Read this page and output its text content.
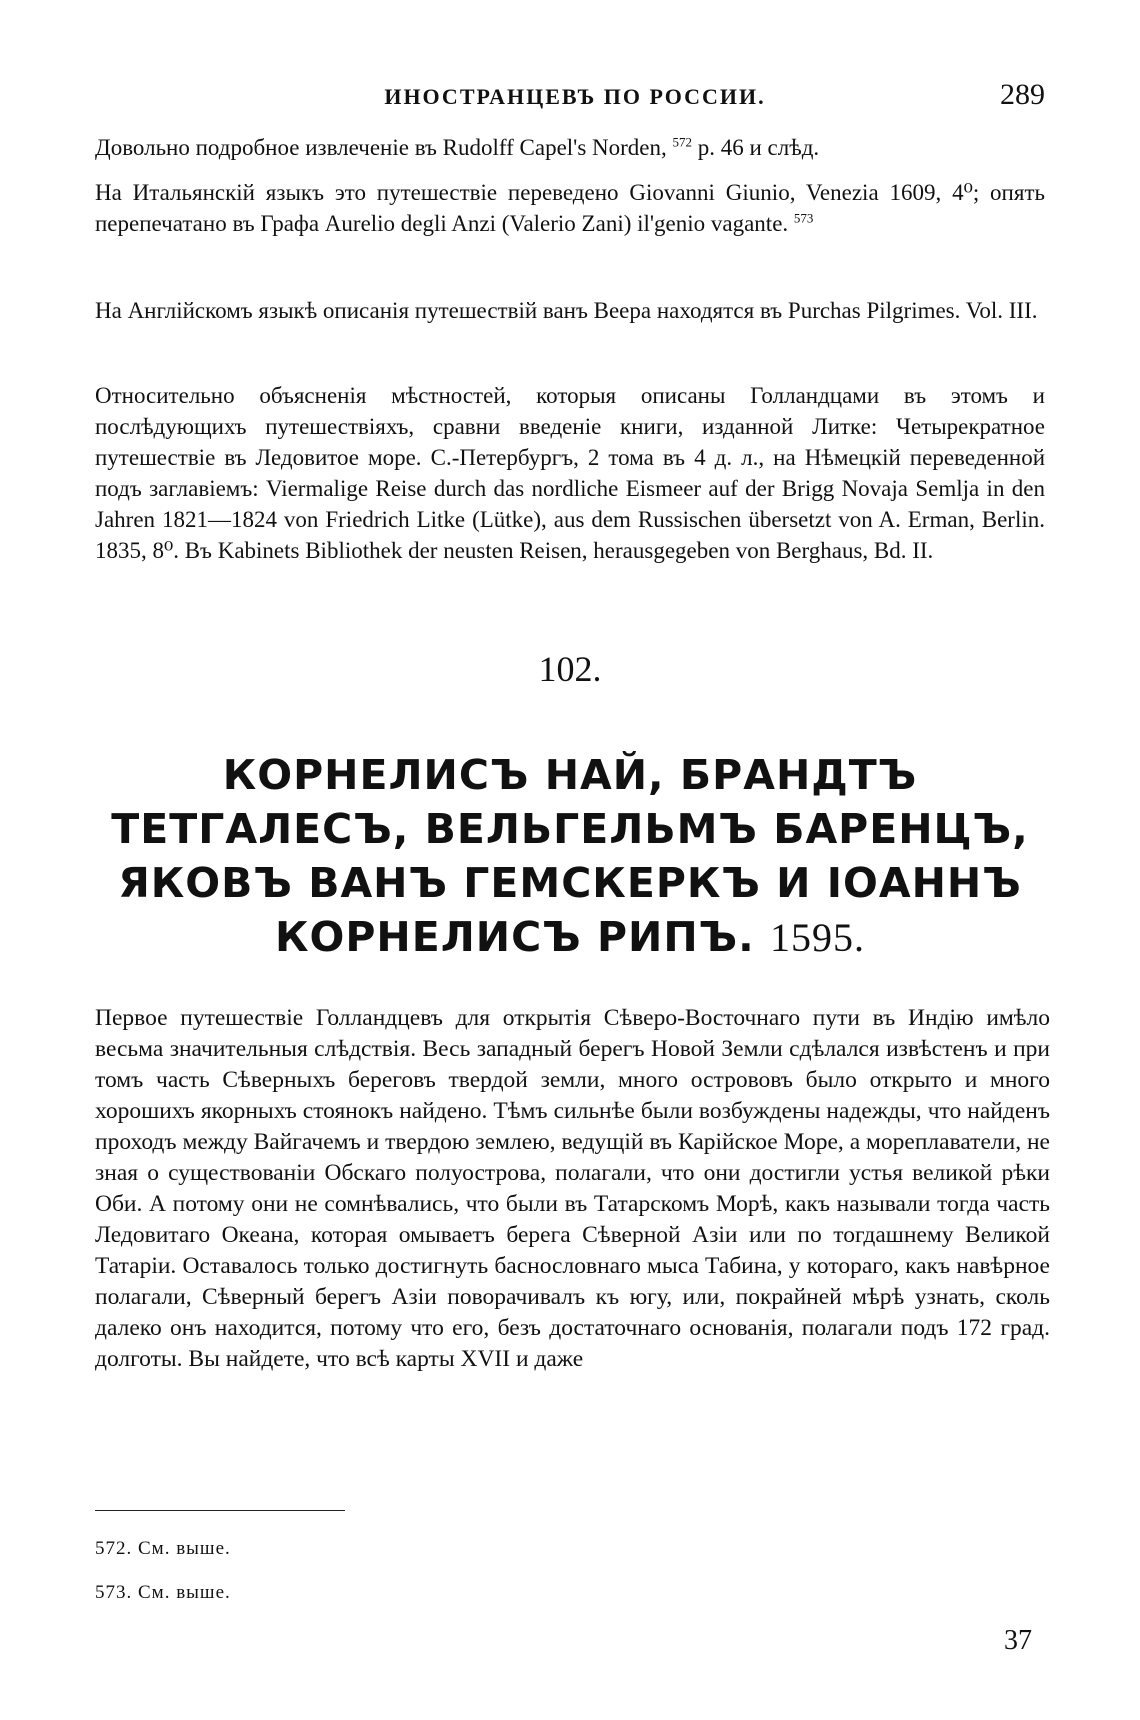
ИНОСТРАНЦЕВЪ ПО РОССИИ.	289

Довольно подробное извлеченіе въ Rudolff Capel's Norden, $^{572}$ p. 46 и слѣд.

На Итальянскій языкъ это путешествіе переведено Giovanni Giunio, Venezia 1609, 4⁰; опять перепечатано въ Графа Aurelio degli Anzi (Valerio Zani) il'genio vagante. $^{573}$

На Англійскомъ языкѣ описанія путешествій ванъ Веера находятся въ Purchas Pilgrimes. Vol. III.

Относительно объясненія мѣстностей, которыя описаны Голландцами въ этомъ и послѣдующихъ путешествіяхъ, сравни введеніе книги, изданной Литке: Четырекратное путешествіе въ Ледовитое море. С.-Петербургъ, 2 тома въ 4 д. л., на Нѣмецкій переведенной подъ заглавіемъ: Viermalige Reise durch das nordliche Eismeer auf der Brigg Novaja Semlja in den Jahren 1821—1824 von Friedrich Litke (Lütke), aus dem Russischen übersetzt von A. Erman, Berlin. 1835, 8⁰. Въ Kabinets Bibliothek der neusten Reisen, herausgegeben von Berghaus, Bd. II.

102.
КОРНЕЛИСЪ НАЙ, БРАНДТЪ ТЕТГАЛЕСЪ, ВЕЛЬГЕЛЬМЪ БАРЕНЦЪ, ЯКОВЪ ВАНЪ ГЕМСКЕРКЪ И ІОАННЪ КОРНЕЛИСЪ РИПЪ. 1595.

Первое путешествіе Голландцевъ для открытія Сѣверо-Восточнаго пути въ Индію имѣло весьма значительныя слѣдствія. Весь западный берегъ Новой Земли сдѣлался извѣстенъ и при томъ часть Сѣверныхъ береговъ твердой земли, много острововъ было открыто и много хорошихъ якорныхъ стоянокъ найдено. Тѣмъ сильнѣе были возбуждены надежды, что найденъ проходъ между Вайгачемъ и твердою землею, ведущій въ Карійское Море, а мореплаватели, не зная о существованіи Обскаго полуострова, полагали, что они достигли устья великой рѣки Оби. А потому они не сомнѣвались, что были въ Татарскомъ Морѣ, какъ называли тогда часть Ледовитаго Океана, которая омываетъ берега Сѣверной Азіи или по тогдашнему Великой Татаріи. Оставалось только достигнуть баснословнаго мыса Табина, у котораго, какъ навѣрное полагали, Сѣверный берегъ Азіи поворачивалъ къ югу, или, покрайней мѣрѣ узнать, сколь далеко онъ находится, потому что его, безъ достаточнаго основанія, полагали подъ 172 град. долготы. Вы найдете, что всѣ карты XVII и даже

572. См. выше.
573. См. выше.
37
